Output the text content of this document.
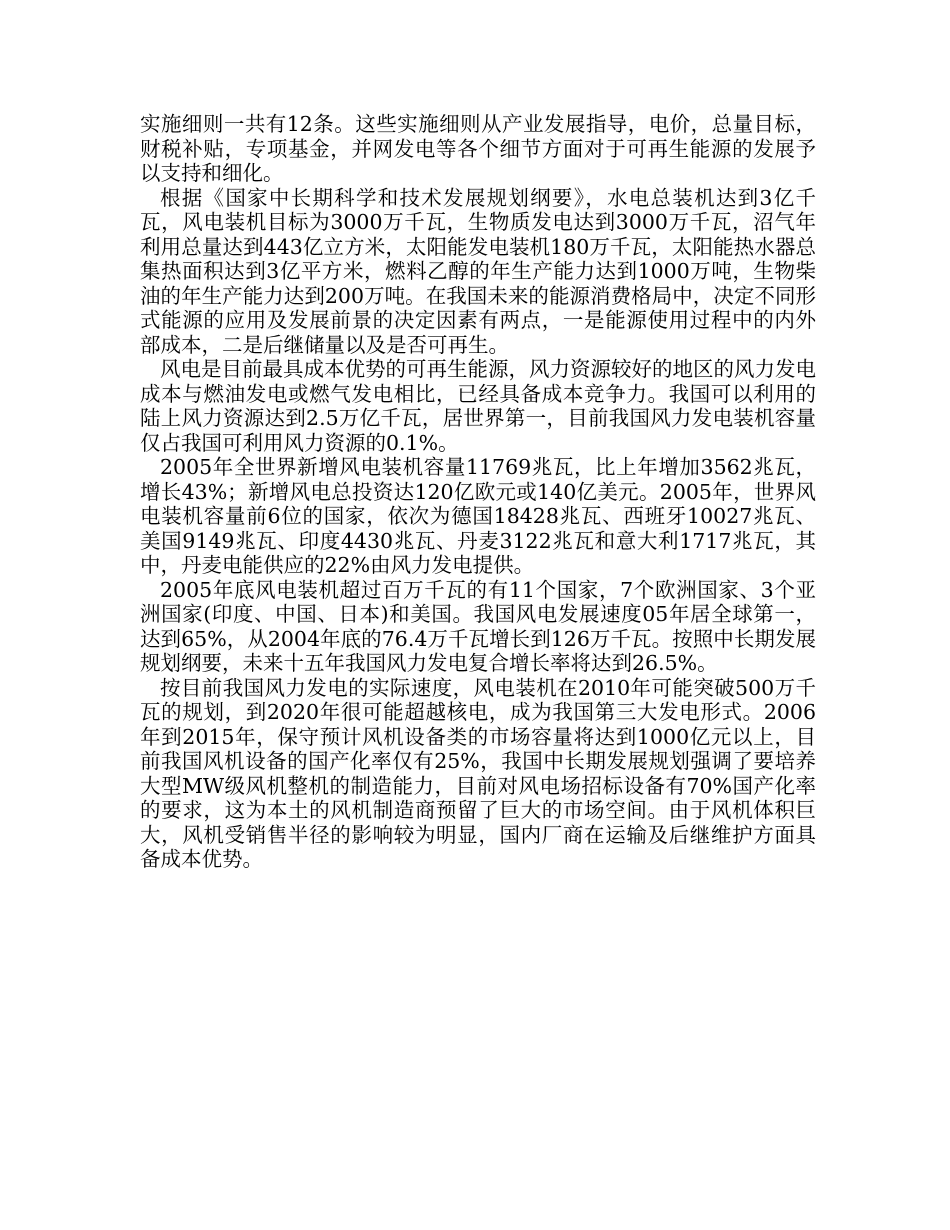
实施细则一共有12条。这些实施细则从产业发展指导，电价，总量目标，财税补贴，专项基金，并网发电等各个细节方面对于可再生能源的发展予以支持和细化。

根据《国家中长期科学和技术发展规划纲要》，水电总装机达到3亿千瓦，风电装机目标为3000万千瓦，生物质发电达到3000万千瓦，沼气年利用总量达到443亿立方米，太阳能发电装机180万千瓦，太阳能热水器总集热面积达到3亿平方米，燃料乙醇的年生产能力达到1000万吨，生物柴油的年生产能力达到200万吨。在我国未来的能源消费格局中，决定不同形式能源的应用及发展前景的决定因素有两点，一是能源使用过程中的内外部成本，二是后继储量以及是否可再生。

风电是目前最具成本优势的可再生能源，风力资源较好的地区的风力发电成本与燃油发电或燃气发电相比，已经具备成本竞争力。我国可以利用的陆上风力资源达到2.5万亿千瓦，居世界第一，目前我国风力发电装机容量仅占我国可利用风力资源的0.1%。

2005年全世界新增风电装机容量11769兆瓦，比上年增加3562兆瓦，增长43%；新增风电总投资达120亿欧元或140亿美元。2005年，世界风电装机容量前6位的国家，依次为德国18428兆瓦、西班牙10027兆瓦、美国9149兆瓦、印度4430兆瓦、丹麦3122兆瓦和意大利1717兆瓦，其中，丹麦电能供应的22%由风力发电提供。

2005年底风电装机超过百万千瓦的有11个国家，7个欧洲国家、3个亚洲国家(印度、中国、日本)和美国。我国风电发展速度05年居全球第一，达到65%，从2004年底的76.4万千瓦增长到126万千瓦。按照中长期发展规划纲要，未来十五年我国风力发电复合增长率将达到26.5%。

按目前我国风力发电的实际速度，风电装机在2010年可能突破500万千瓦的规划，到2020年很可能超越核电，成为我国第三大发电形式。2006年到2015年，保守预计风机设备类的市场容量将达到1000亿元以上，目前我国风机设备的国产化率仅有25%，我国中长期发展规划强调了要培养大型MW级风机整机的制造能力，目前对风电场招标设备有70%国产化率的要求，这为本土的风机制造商预留了巨大的市场空间。由于风机体积巨大，风机受销售半径的影响较为明显，国内厂商在运输及后继维护方面具备成本优势。
